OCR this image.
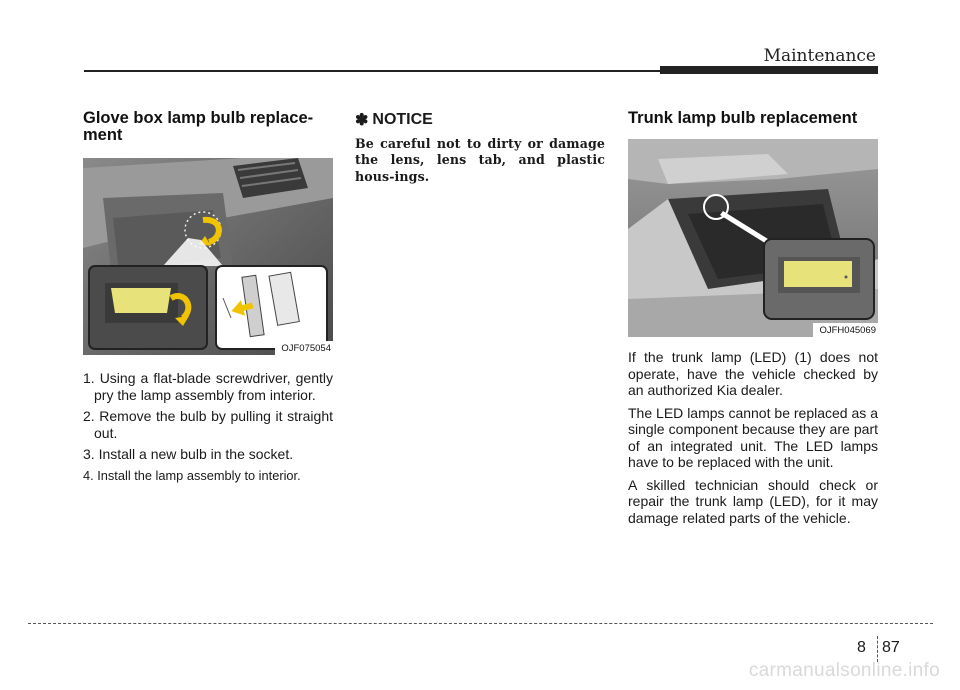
Maintenance
Glove box lamp bulb replace-ment
OJF075054
1. Using a flat-blade screwdriver, gently pry the lamp assembly from interior.
2. Remove the bulb by pulling it straight out.
3. Install a new bulb in the socket.
4. Install the lamp assembly to interior.
✽ NOTICE

Be careful not to dirty or damage the lens, lens tab, and plastic hous-ings.

Trunk lamp bulb replacement
OJFH045069

If the trunk lamp (LED) (1) does not operate, have the vehicle checked by an authorized Kia dealer.

The LED lamps cannot be replaced as a single component because they are part of an integrated unit. The LED lamps have to be replaced with the unit.

A skilled technician should check or repair the trunk lamp (LED), for it may damage related parts of the vehicle.

8 87
carmanualsonline.info
